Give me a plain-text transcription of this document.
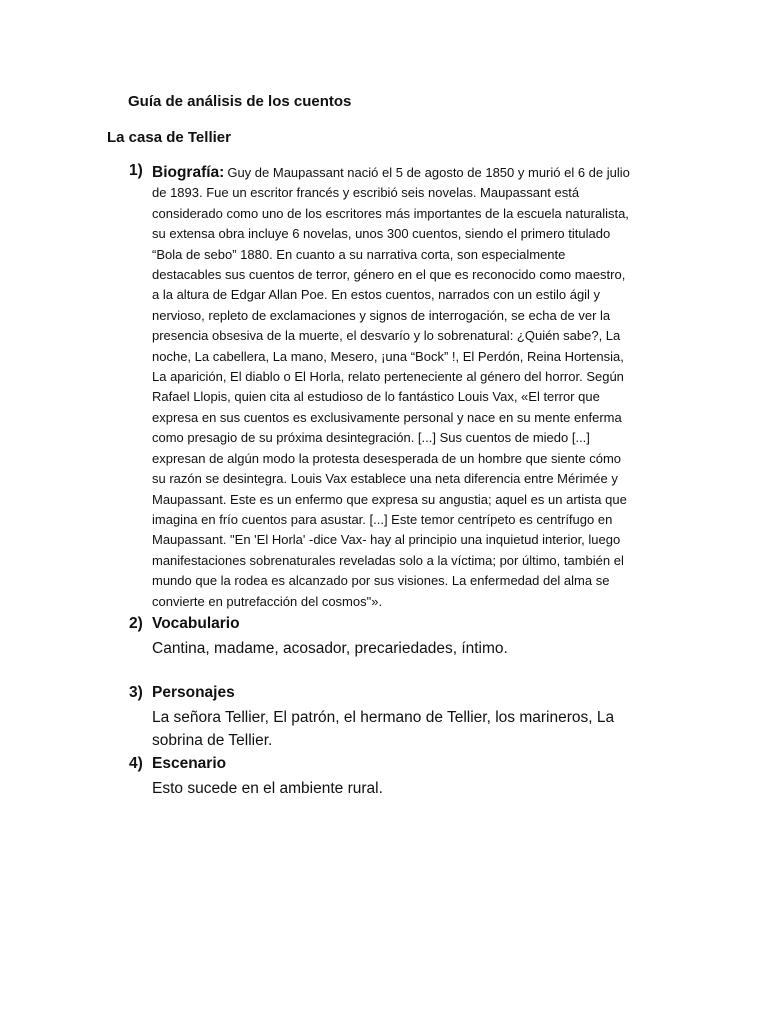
Guía de análisis de los cuentos
La casa de Tellier
1) Biografía: Guy de Maupassant nació el 5 de agosto de 1850 y murió el 6 de julio
de 1893. Fue un escritor francés y escribió seis novelas. Maupassant está
considerado como uno de los escritores más importantes de la escuela naturalista,
su extensa obra incluye 6 novelas, unos 300 cuentos, siendo el primero titulado
“Bola de sebo” 1880. En cuanto a su narrativa corta, son especialmente
destacables sus cuentos de terror, género en el que es reconocido como maestro,
a la altura de Edgar Allan Poe. En estos cuentos, narrados con un estilo ágil y
nervioso, repleto de exclamaciones y signos de interrogación, se echa de ver la
presencia obsesiva de la muerte, el desvarío y lo sobrenatural: ¿Quién sabe?, La
noche, La cabellera, La mano, Mesero, ¡una “Bock” !, El Perdón, Reina Hortensia,
La aparición, El diablo o El Horla, relato perteneciente al género del horror. Según
Rafael Llopis, quien cita al estudioso de lo fantástico Louis Vax, «El terror que
expresa en sus cuentos es exclusivamente personal y nace en su mente enferma
como presagio de su próxima desintegración. [...] Sus cuentos de miedo [...]
expresan de algún modo la protesta desesperada de un hombre que siente cómo
su razón se desintegra. Louis Vax establece una neta diferencia entre Mérimée y
Maupassant. Este es un enfermo que expresa su angustia; aquel es un artista que
imagina en frío cuentos para asustar. [...] Este temor centrípeto es centrífugo en
Maupassant. "En 'El Horla' -dice Vax- hay al principio una inquietud interior, luego
manifestaciones sobrenaturales reveladas solo a la víctima; por último, también el
mundo que la rodea es alcanzado por sus visiones. La enfermedad del alma se
convierte en putrefacción del cosmos"».
2) Vocabulario
Cantina, madame, acosador, precariedades, íntimo.
3) Personajes
La señora Tellier, El patrón, el hermano de Tellier, los marineros, La
sobrina de Tellier.
4) Escenario
Esto sucede en el ambiente rural.
